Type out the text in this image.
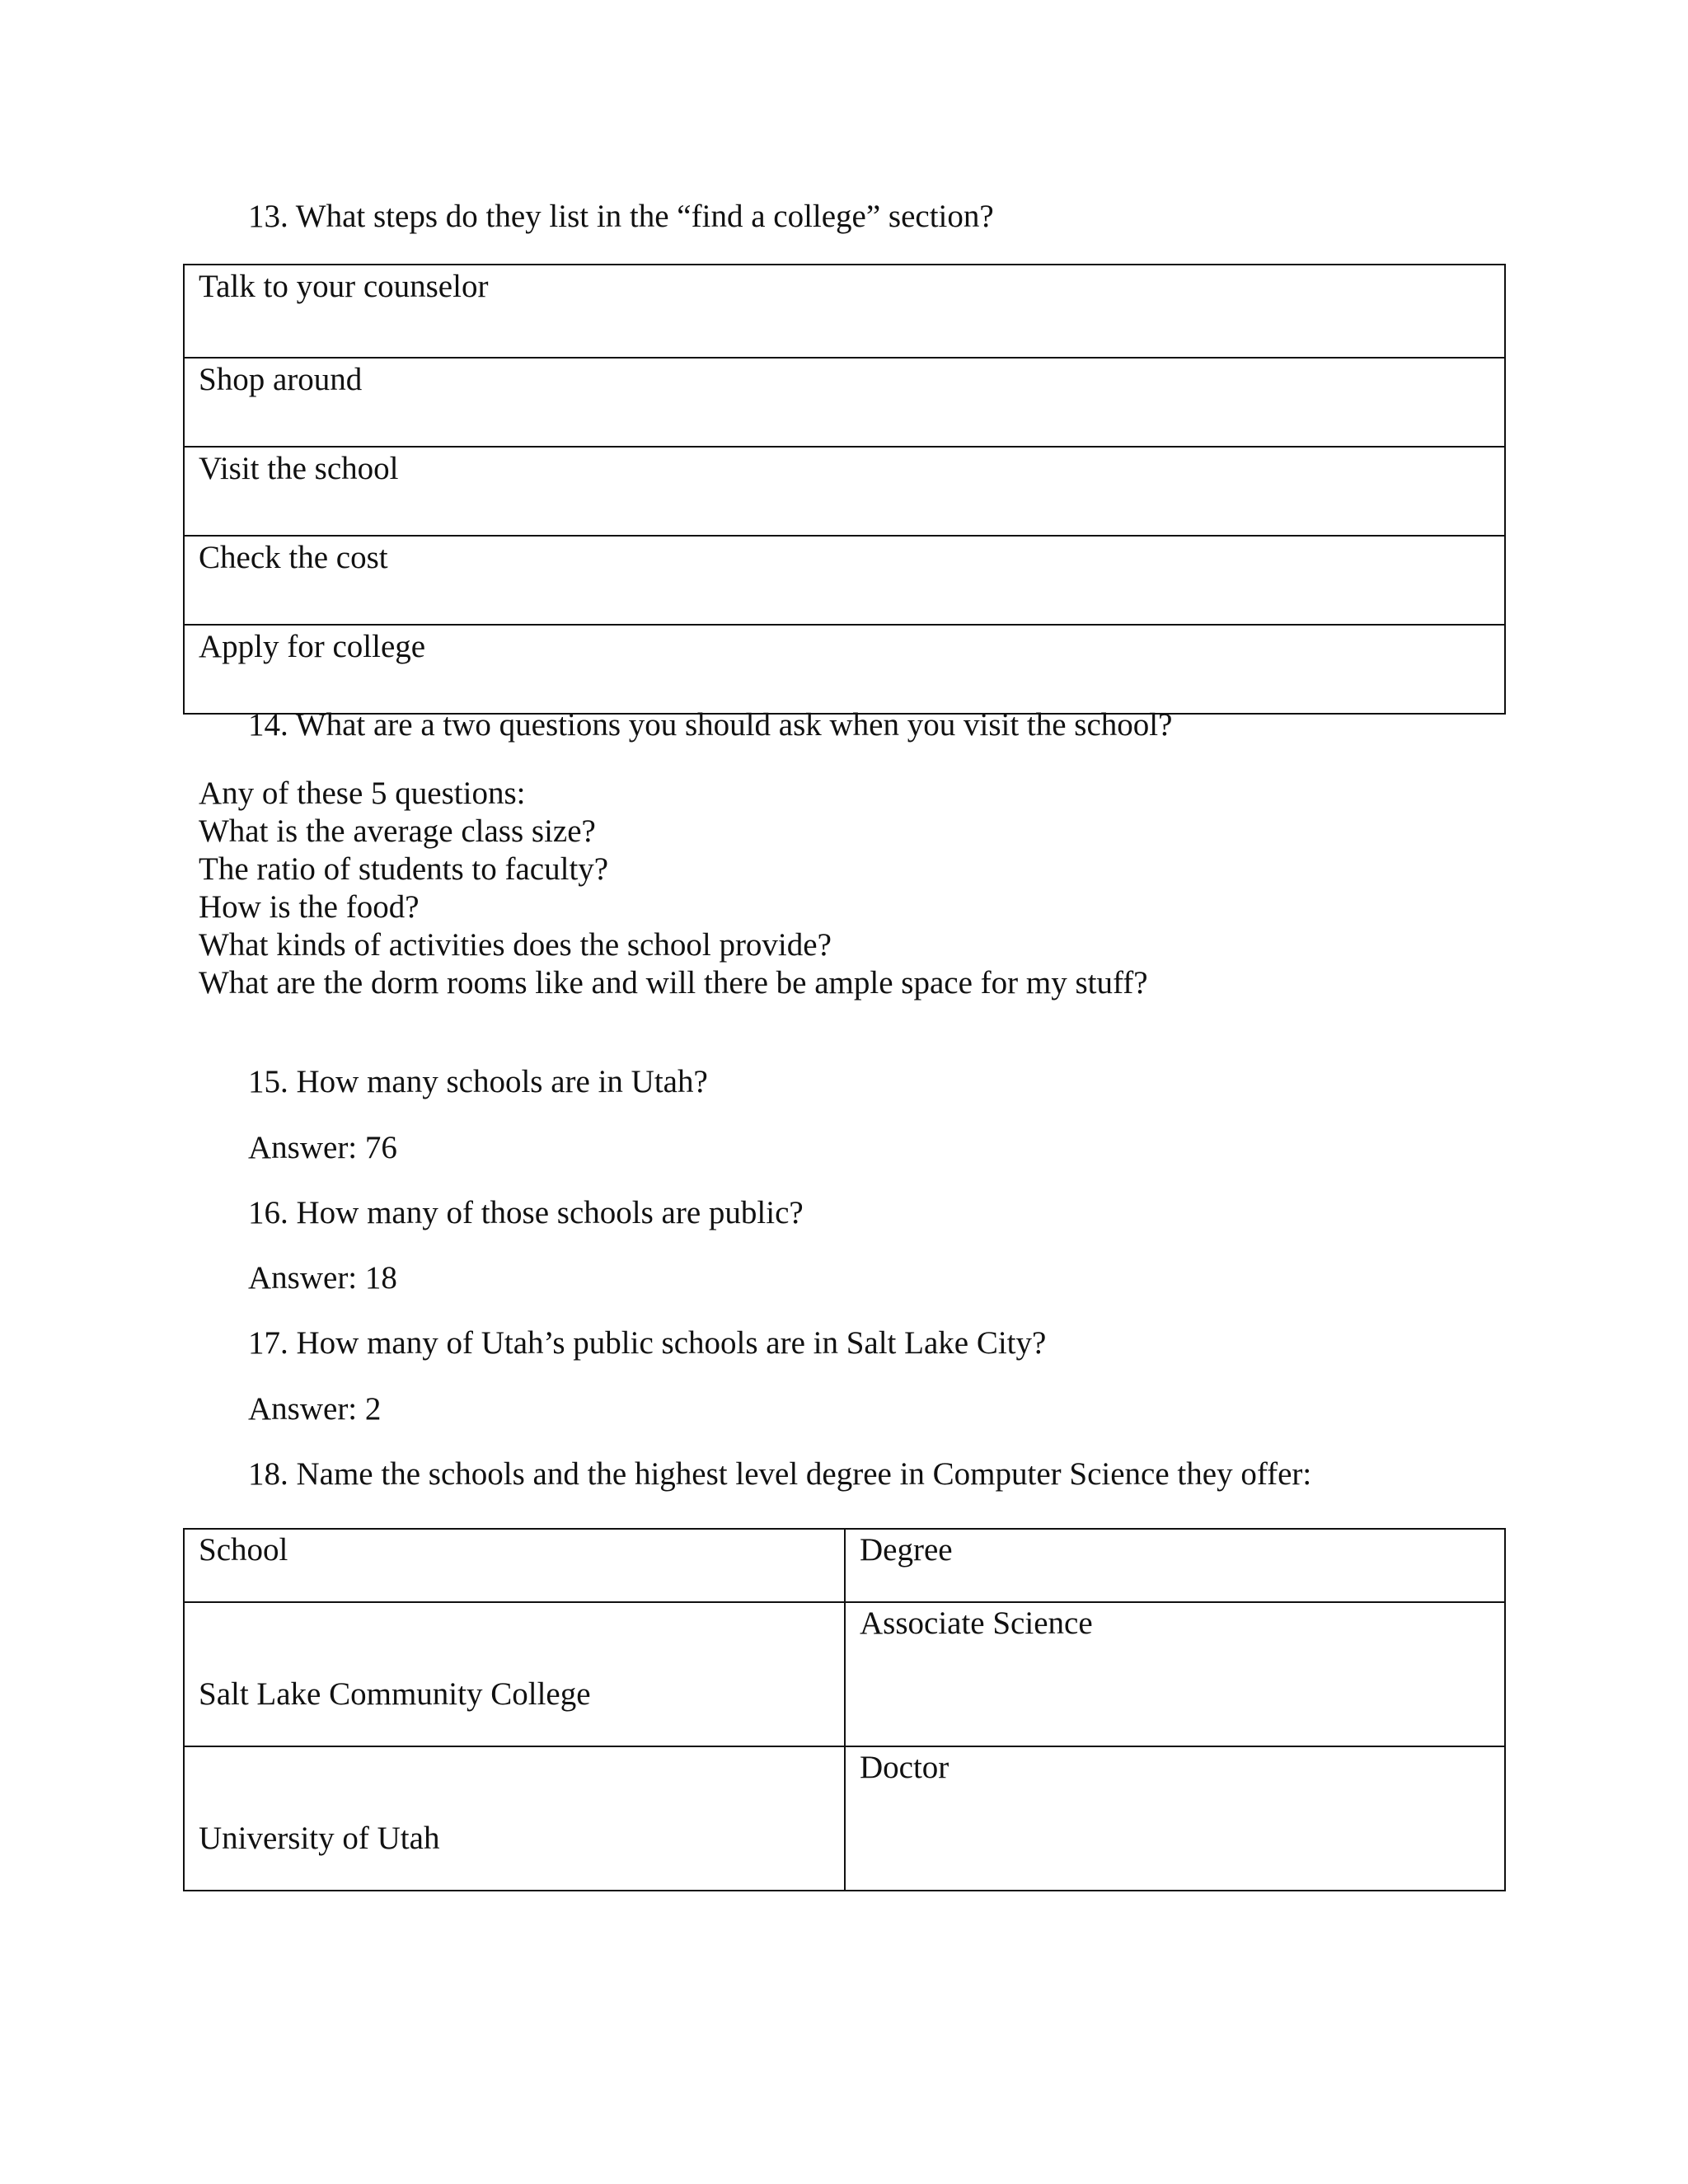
13. What steps do they list in the “find a college” section?
Talk to your counselor
Shop around
Visit the school
Check the cost
Apply for college
14. What are a two questions you should ask when you visit the school?
Any of these 5 questions:
What is the average class size?
The ratio of students to faculty?
How is the food?
What kinds of activities does the school provide?
What are the dorm rooms like and will there be ample space for my stuff?
15. How many schools are in Utah?
Answer: 76
16. How many of those schools are public?
Answer: 18
17. How many of Utah’s public schools are in Salt Lake City?
Answer: 2
18. Name the schools and the highest level degree in Computer Science they offer:
School	Degree
Salt Lake Community College
Associate Science
University of Utah
Doctor
